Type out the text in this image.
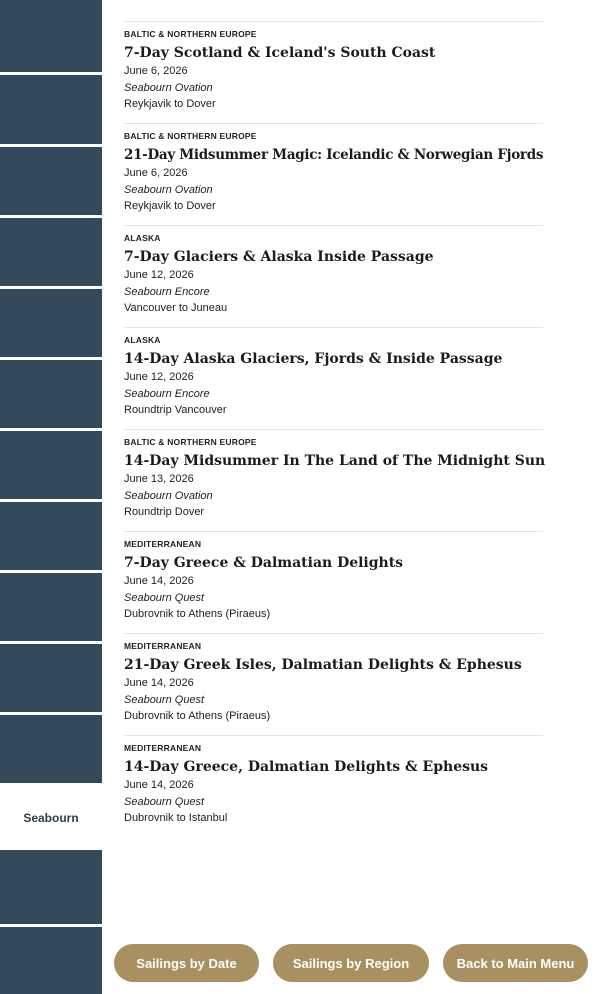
Seabourn
BALTIC & NORTHERN EUROPE
7-Day Scotland & Iceland's South Coast
June 6, 2026
Seabourn Ovation
Reykjavik to Dover
BALTIC & NORTHERN EUROPE
21-Day Midsummer Magic: Icelandic & Norwegian Fjords
June 6, 2026
Seabourn Ovation
Reykjavik to Dover
ALASKA
7-Day Glaciers & Alaska Inside Passage
June 12, 2026
Seabourn Encore
Vancouver to Juneau
ALASKA
14-Day Alaska Glaciers, Fjords & Inside Passage
June 12, 2026
Seabourn Encore
Roundtrip Vancouver
BALTIC & NORTHERN EUROPE
14-Day Midsummer In The Land of The Midnight Sun
June 13, 2026
Seabourn Ovation
Roundtrip Dover
MEDITERRANEAN
7-Day Greece & Dalmatian Delights
June 14, 2026
Seabourn Quest
Dubrovnik to Athens (Piraeus)
MEDITERRANEAN
21-Day Greek Isles, Dalmatian Delights & Ephesus
June 14, 2026
Seabourn Quest
Dubrovnik to Athens (Piraeus)
MEDITERRANEAN
14-Day Greece, Dalmatian Delights & Ephesus
June 14, 2026
Seabourn Quest
Dubrovnik to Istanbul
Sailings by Date	Sailings by Region	Back to Main Menu
